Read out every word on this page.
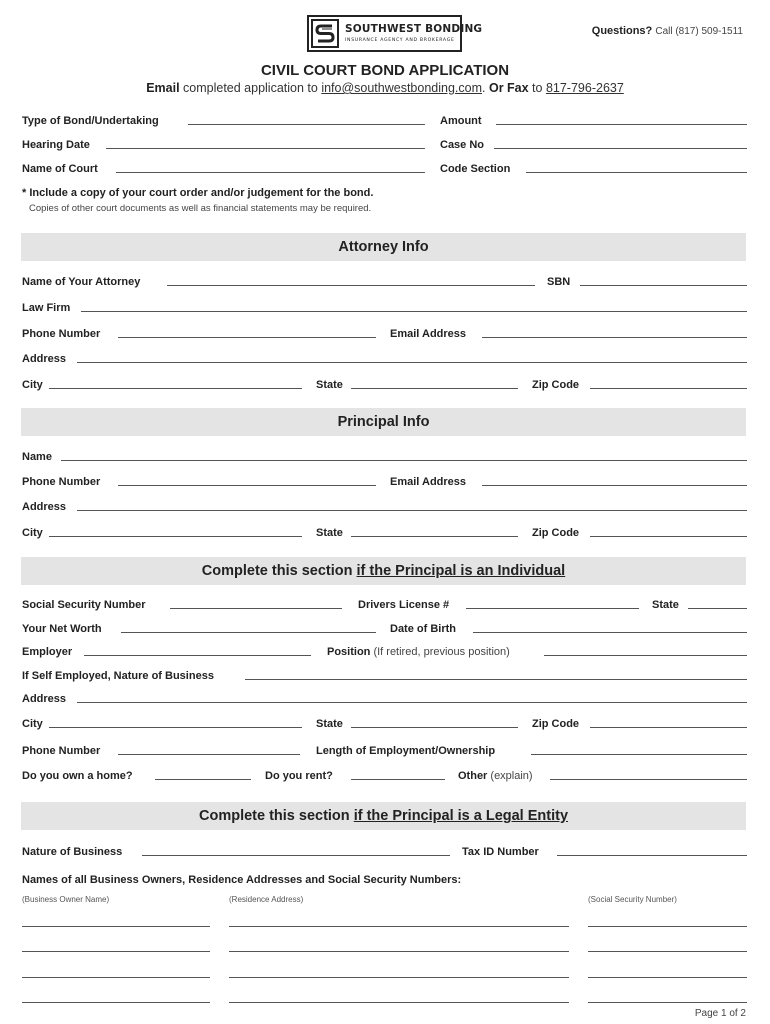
SOUTHWEST BONDING
INSURANCE AGENCY AND BROKERAGE
Questions? Call (817) 509-1511
CIVIL COURT BOND APPLICATION
Email completed application to info@southwestbonding.com. Or Fax to 817-796-2637
Type of Bond/Undertaking	Amount
Hearing Date	Case No
Name of Court	Code Section
* Include a copy of your court order and/or judgement for the bond.
Copies of other court documents as well as financial statements may be required.
Attorney Info
Name of Your Attorney	SBN
Law Firm
Phone Number	Email Address
Address
City	State	Zip Code
Principal Info
Name
Phone Number	Email Address
Address
City	State	Zip Code
Complete this section if the Principal is an Individual
Social Security Number	Drivers License #	State
Your Net Worth	Date of Birth
Employer	Position (If retired, previous position)
If Self Employed, Nature of Business
Address
City	State	Zip Code
Phone Number	Length of Employment/Ownership
Do you own a home?	Do you rent?	Other (explain)
Complete this section if the Principal is a Legal Entity
Nature of Business	Tax ID Number
Names of all Business Owners, Residence Addresses and Social Security Numbers:
(Business Owner Name)	(Residence Address)	(Social Security Number)
Page 1 of 2
